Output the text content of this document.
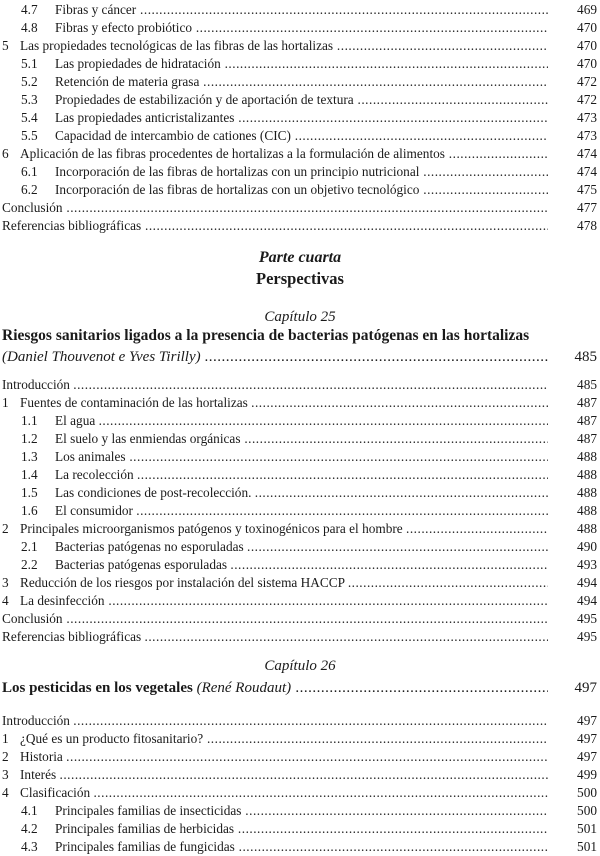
4.7 Fibras y cáncer .....	469
4.8 Fibras y efecto probiótico .....	470
5 Las propiedades tecnológicas de las fibras de las hortalizas .....	470
5.1 Las propiedades de hidratación .....	470
5.2 Retención de materia grasa .....	472
5.3 Propiedades de estabilización y de aportación de textura .....	472
5.4 Las propiedades anticristalizantes .....	473
5.5 Capacidad de intercambio de cationes (CIC) .....	473
6 Aplicación de las fibras procedentes de hortalizas a la formulación de alimentos .....	474
6.1 Incorporación de las fibras de hortalizas con un principio nutricional .....	474
6.2 Incorporación de las fibras de hortalizas con un objetivo tecnológico .....	475
Conclusión .....	477
Referencias bibliográficas .....	478
Parte cuarta
Perspectivas
Capítulo 25
Riesgos sanitarios ligados a la presencia de bacterias patógenas en las hortalizas
(Daniel Thouvenot e Yves Tirilly) .....	485
Introducción .....	485
1 Fuentes de contaminación de las hortalizas .....	487
1.1 El agua .....	487
1.2 El suelo y las enmiendas orgánicas .....	487
1.3 Los animales .....	488
1.4 La recolección .....	488
1.5 Las condiciones de post-recolección. .....	488
1.6 El consumidor .....	488
2 Principales microorganismos patógenos y toxinogénicos para el hombre .....	488
2.1 Bacterias patógenas no esporuladas .....	490
2.2 Bacterias patógenas esporuladas .....	493
3 Reducción de los riesgos por instalación del sistema HACCP .....	494
4 La desinfección .....	494
Conclusión .....	495
Referencias bibliográficas .....	495
Capítulo 26
Los pesticidas en los vegetales (René Roudaut) .....	497
Introducción .....	497
1 ¿Qué es un producto fitosanitario? .....	497
2 Historia .....	497
3 Interés .....	499
4 Clasificación .....	500
4.1 Principales familias de insecticidas .....	500
4.2 Principales familias de herbicidas .....	501
4.3 Principales familias de fungicidas .....	501
